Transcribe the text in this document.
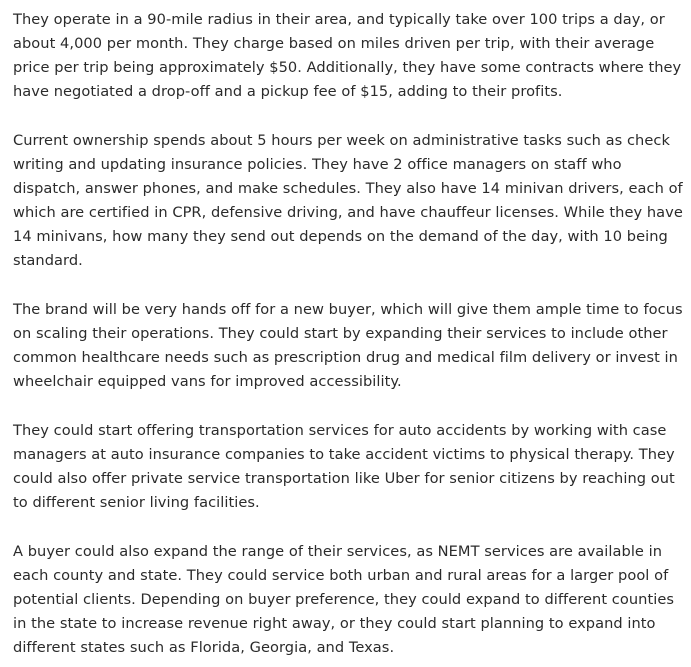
They operate in a 90-mile radius in their area, and typically take over 100 trips a day, or about 4,000 per month. They charge based on miles driven per trip, with their average price per trip being approximately $50. Additionally, they have some contracts where they have negotiated a drop-off and a pickup fee of $15, adding to their profits.

Current ownership spends about 5 hours per week on administrative tasks such as check writing and updating insurance policies. They have 2 office managers on staff who dispatch, answer phones, and make schedules. They also have 14 minivan drivers, each of which are certified in CPR, defensive driving, and have chauffeur licenses. While they have 14 minivans, how many they send out depends on the demand of the day, with 10 being standard.

The brand will be very hands off for a new buyer, which will give them ample time to focus on scaling their operations. They could start by expanding their services to include other common healthcare needs such as prescription drug and medical film delivery or invest in wheelchair equipped vans for improved accessibility.

They could start offering transportation services for auto accidents by working with case managers at auto insurance companies to take accident victims to physical therapy. They could also offer private service transportation like Uber for senior citizens by reaching out to different senior living facilities.

A buyer could also expand the range of their services, as NEMT services are available in each county and state. They could service both urban and rural areas for a larger pool of potential clients. Depending on buyer preference, they could expand to different counties in the state to increase revenue right away, or they could start planning to expand into different states such as Florida, Georgia, and Texas.
